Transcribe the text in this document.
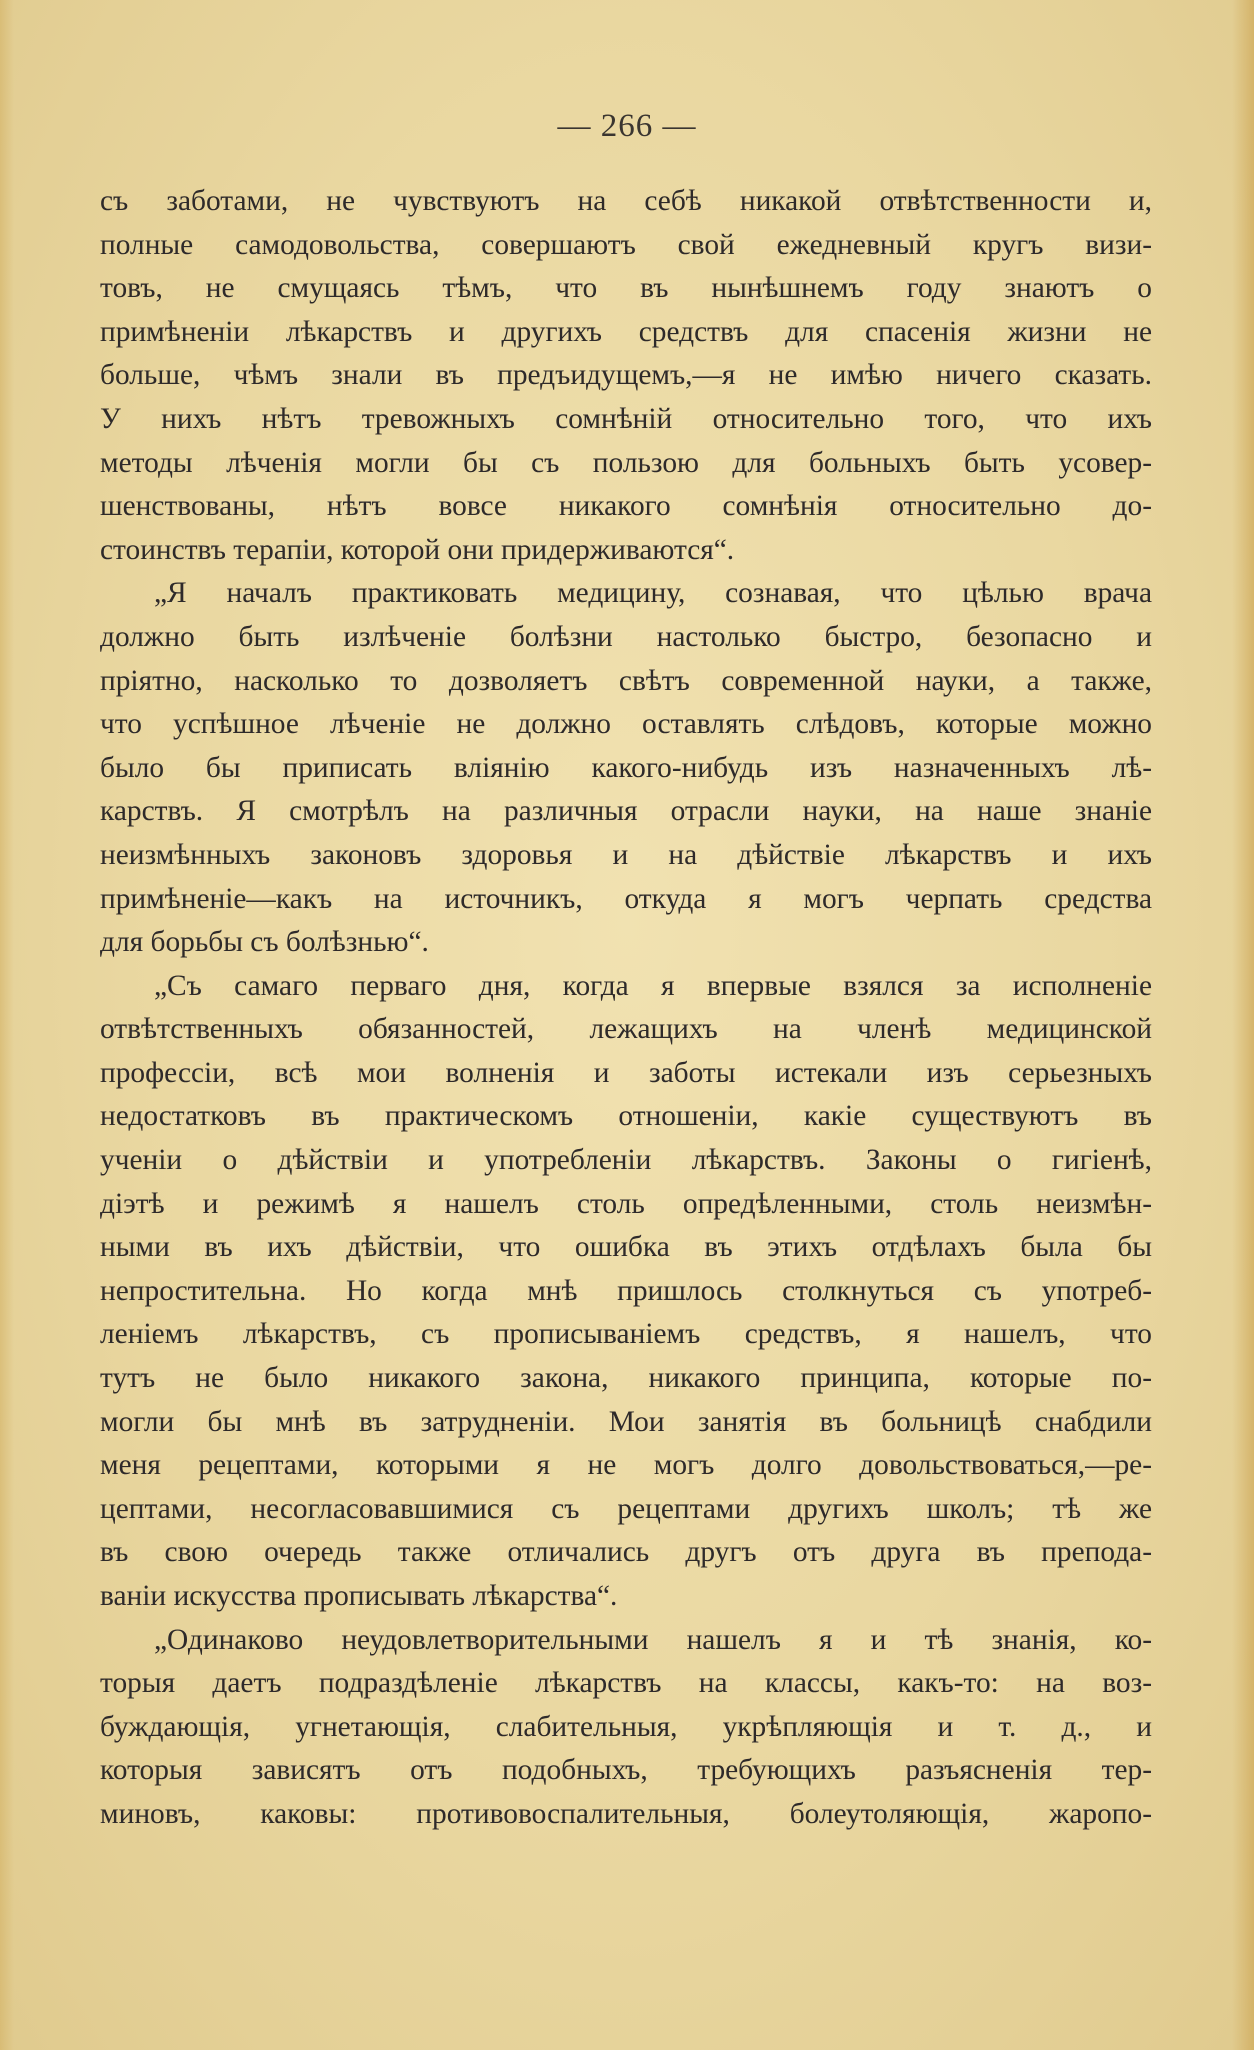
— 266 —
съ заботами, не чувствуютъ на себѣ никакой отвѣтственности и,
полные самодовольства, совершаютъ свой ежедневный кругъ визи-
товъ, не смущаясь тѣмъ, что въ нынѣшнемъ году знаютъ о
примѣненіи лѣкарствъ и другихъ средствъ для спасенія жизни не
больше, чѣмъ знали въ предъидущемъ,—я не имѣю ничего сказать.
У нихъ нѣтъ тревожныхъ сомнѣній относительно того, что ихъ
методы лѣченія могли бы съ пользою для больныхъ быть усовер-
шенствованы, нѣтъ вовсе никакого сомнѣнія относительно до-
стоинствъ терапіи, которой они придерживаются“.
„Я началъ практиковать медицину, сознавая, что цѣлью врача
должно быть излѣченіе болѣзни настолько быстро, безопасно и
пріятно, насколько то дозволяетъ свѣтъ современной науки, а также,
что успѣшное лѣченіе не должно оставлять слѣдовъ, которые можно
было бы приписать вліянію какого-нибудь изъ назначенныхъ лѣ-
карствъ. Я смотрѣлъ на различныя отрасли науки, на наше знаніе
неизмѣнныхъ законовъ здоровья и на дѣйствіе лѣкарствъ и ихъ
примѣненіе—какъ на источникъ, откуда я могъ черпать средства
для борьбы съ болѣзнью“.
„Съ самаго перваго дня, когда я впервые взялся за исполненіе
отвѣтственныхъ обязанностей, лежащихъ на членѣ медицинской
профессіи, всѣ мои волненія и заботы истекали изъ серьезныхъ
недостатковъ въ практическомъ отношеніи, какіе существуютъ въ
ученіи о дѣйствіи и употребленіи лѣкарствъ. Законы о гигіенѣ,
діэтѣ и режимѣ я нашелъ столь опредѣленными, столь неизмѣн-
ными въ ихъ дѣйствіи, что ошибка въ этихъ отдѣлахъ была бы
непростительна. Но когда мнѣ пришлось столкнуться съ употреб-
леніемъ лѣкарствъ, съ прописываніемъ средствъ, я нашелъ, что
тутъ не было никакого закона, никакого принципа, которые по-
могли бы мнѣ въ затрудненіи. Мои занятія въ больницѣ снабдили
меня рецептами, которыми я не могъ долго довольствоваться,—ре-
цептами, несогласовавшимися съ рецептами другихъ школъ; тѣ же
въ свою очередь также отличались другъ отъ друга въ препода-
ваніи искусства прописывать лѣкарства“.
„Одинаково неудовлетворительными нашелъ я и тѣ знанія, ко-
торыя даетъ подраздѣленіе лѣкарствъ на классы, какъ-то: на воз-
буждающія, угнетающія, слабительныя, укрѣпляющія и т. д., и
которыя зависятъ отъ подобныхъ, требующихъ разъясненія тер-
миновъ, каковы: противовоспалительныя, болеутоляющія, жаропо-
